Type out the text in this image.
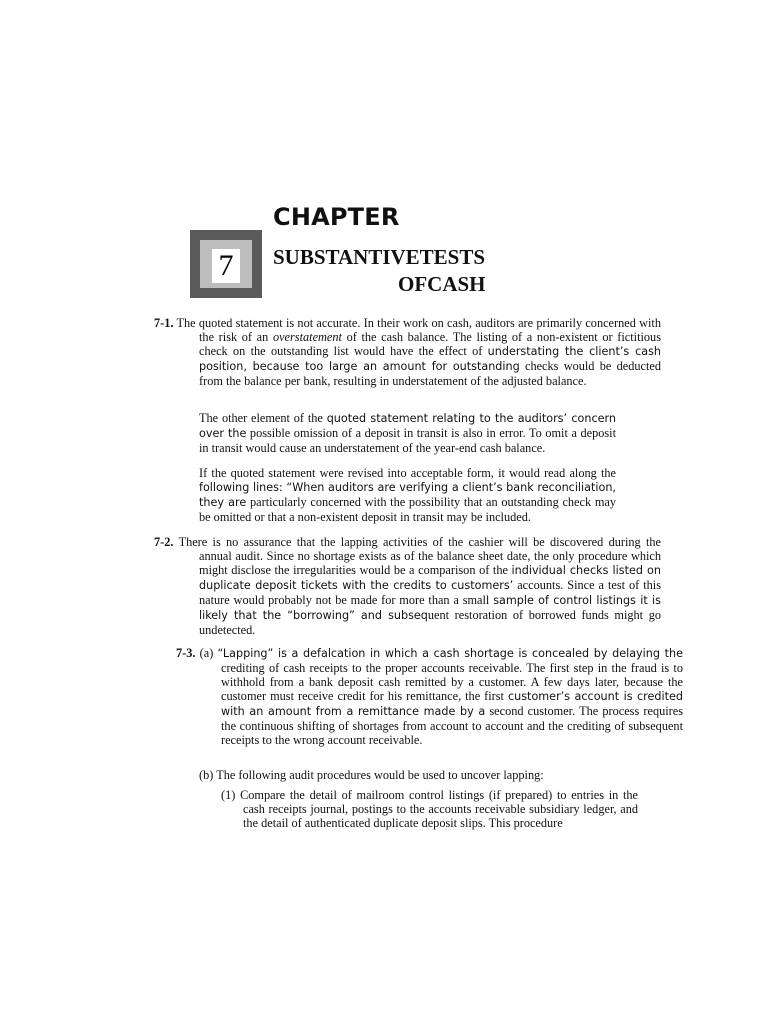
CHAPTER
7	SUBSTANTIVETESTS
OFCASH
7-1. The quoted statement is not accurate. In their work on cash, auditors are primarily concerned with the risk of an overstatement of the cash balance. The listing of a non-existent or fictitious check on the outstanding list would have the effect of understating the client’s cash position, because too large an amount for outstanding checks would be deducted from the balance per bank, resulting in understatement of the adjusted balance.
The other element of the quoted statement relating to the auditors’ concern over the possible omission of a deposit in transit is also in error. To omit a deposit in transit would cause an understatement of the year-end cash balance.
If the quoted statement were revised into acceptable form, it would read along the following lines: “When auditors are verifying a client’s bank reconciliation, they are particularly concerned with the possibility that an outstanding check may be omitted or that a non-existent deposit in transit may be included.
7-2. There is no assurance that the lapping activities of the cashier will be discovered during the annual audit. Since no shortage exists as of the balance sheet date, the only procedure which might disclose the irregularities would be a comparison of the individual checks listed on duplicate deposit tickets with the credits to customers’ accounts. Since a test of this nature would probably not be made for more than a small sample of control listings it is likely that the “borrowing” and subsequent restoration of borrowed funds might go undetected.
7-3. (a) “Lapping” is a defalcation in which a cash shortage is concealed by delaying the crediting of cash receipts to the proper accounts receivable. The first step in the fraud is to withhold from a bank deposit cash remitted by a customer. A few days later, because the customer must receive credit for his remittance, the first customer’s account is credited with an amount from a remittance made by a second customer. The process requires the continuous shifting of shortages from account to account and the crediting of subsequent receipts to the wrong account receivable.
(b) The following audit procedures would be used to uncover lapping:
(1) Compare the detail of mailroom control listings (if prepared) to entries in the cash receipts journal, postings to the accounts receivable subsidiary ledger, and the detail of authenticated duplicate deposit slips. This procedure
